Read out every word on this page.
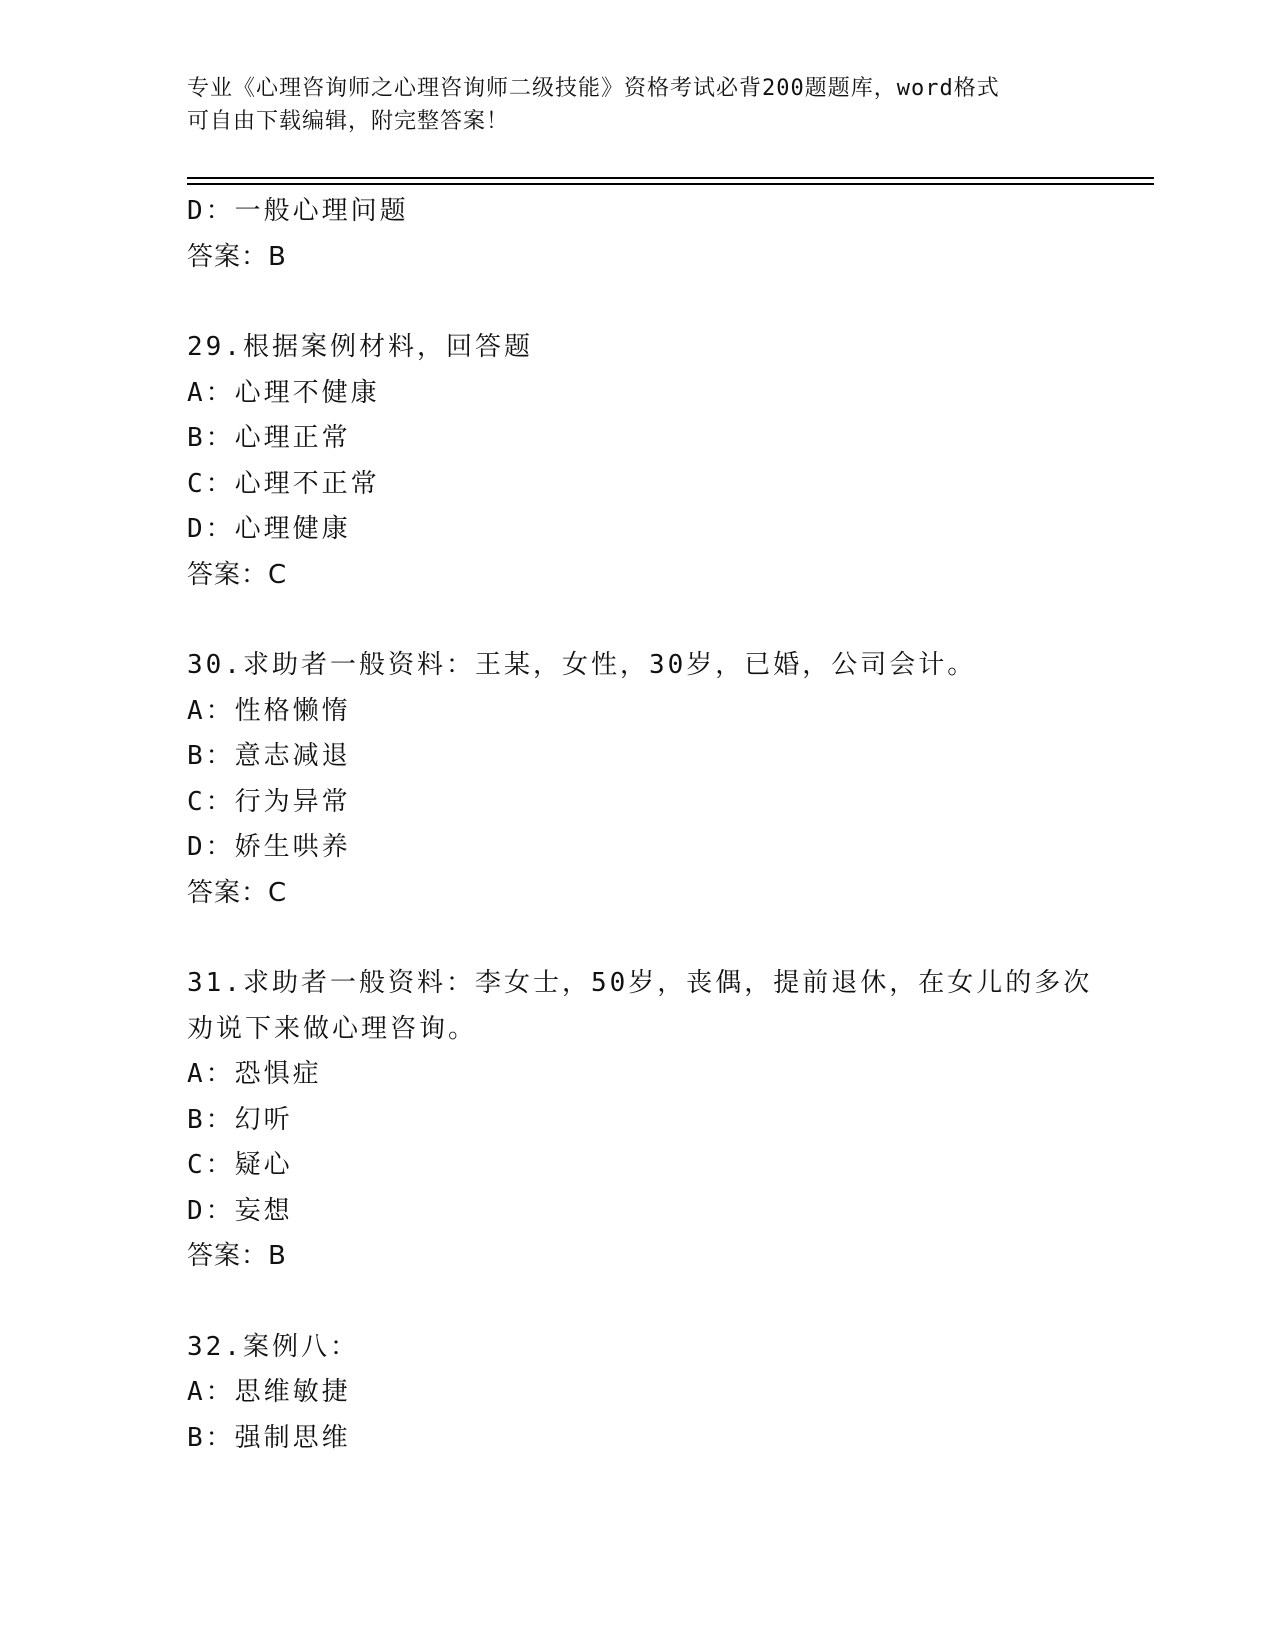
专业《心理咨询师之心理咨询师二级技能》资格考试必背200题题库，word格式
可自由下载编辑，附完整答案！
D：一般心理问题
答案：B
29.根据案例材料，回答题
A：心理不健康
B：心理正常
C：心理不正常
D：心理健康
答案：C
30.求助者一般资料：王某，女性，30岁，已婚，公司会计。
A：性格懒惰
B：意志减退
C：行为异常
D：娇生哄养
答案：C
31.求助者一般资料：李女士，50岁，丧偶，提前退休，在女儿的多次
劝说下来做心理咨询。
A：恐惧症
B：幻听
C：疑心
D：妄想
答案：B
32.案例八：
A：思维敏捷
B：强制思维
